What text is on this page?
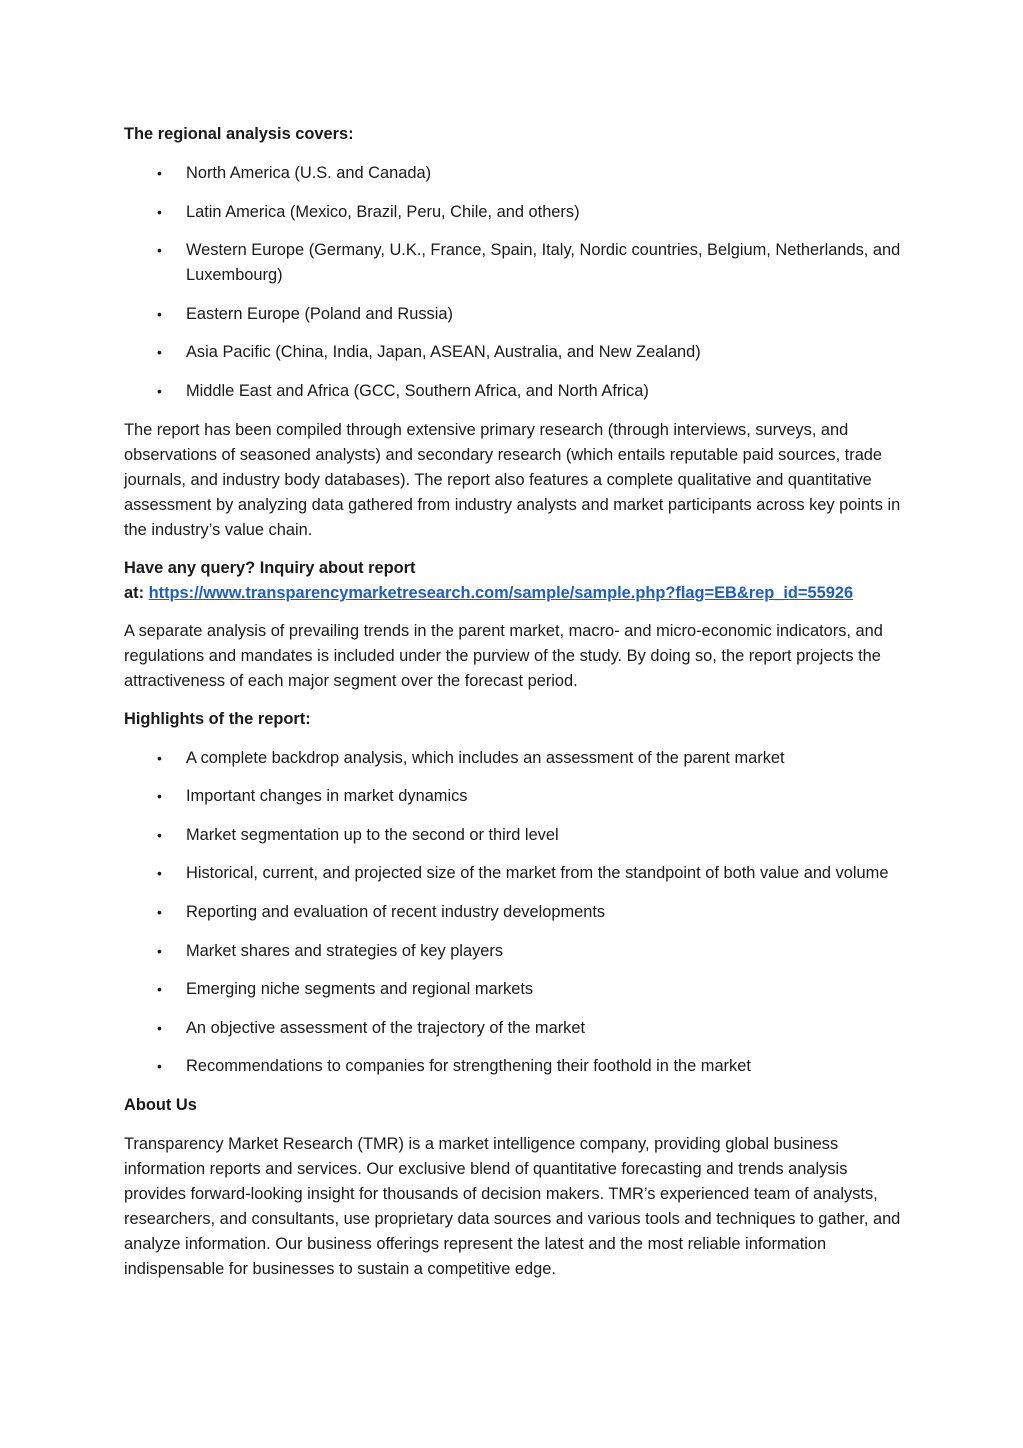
The regional analysis covers:

• North America (U.S. and Canada)
• Latin America (Mexico, Brazil, Peru, Chile, and others)
• Western Europe (Germany, U.K., France, Spain, Italy, Nordic countries, Belgium, Netherlands, and Luxembourg)
• Eastern Europe (Poland and Russia)
• Asia Pacific (China, India, Japan, ASEAN, Australia, and New Zealand)
• Middle East and Africa (GCC, Southern Africa, and North Africa)

The report has been compiled through extensive primary research (through interviews, surveys, and observations of seasoned analysts) and secondary research (which entails reputable paid sources, trade journals, and industry body databases). The report also features a complete qualitative and quantitative assessment by analyzing data gathered from industry analysts and market participants across key points in the industry’s value chain.

Have any query? Inquiry about report
at: https://www.transparencymarketresearch.com/sample/sample.php?flag=EB&rep_id=55926

A separate analysis of prevailing trends in the parent market, macro- and micro-economic indicators, and regulations and mandates is included under the purview of the study. By doing so, the report projects the attractiveness of each major segment over the forecast period.

Highlights of the report:

• A complete backdrop analysis, which includes an assessment of the parent market
• Important changes in market dynamics
• Market segmentation up to the second or third level
• Historical, current, and projected size of the market from the standpoint of both value and volume
• Reporting and evaluation of recent industry developments
• Market shares and strategies of key players
• Emerging niche segments and regional markets
• An objective assessment of the trajectory of the market
• Recommendations to companies for strengthening their foothold in the market

About Us

Transparency Market Research (TMR) is a market intelligence company, providing global business information reports and services. Our exclusive blend of quantitative forecasting and trends analysis provides forward-looking insight for thousands of decision makers. TMR’s experienced team of analysts, researchers, and consultants, use proprietary data sources and various tools and techniques to gather, and analyze information. Our business offerings represent the latest and the most reliable information indispensable for businesses to sustain a competitive edge.
